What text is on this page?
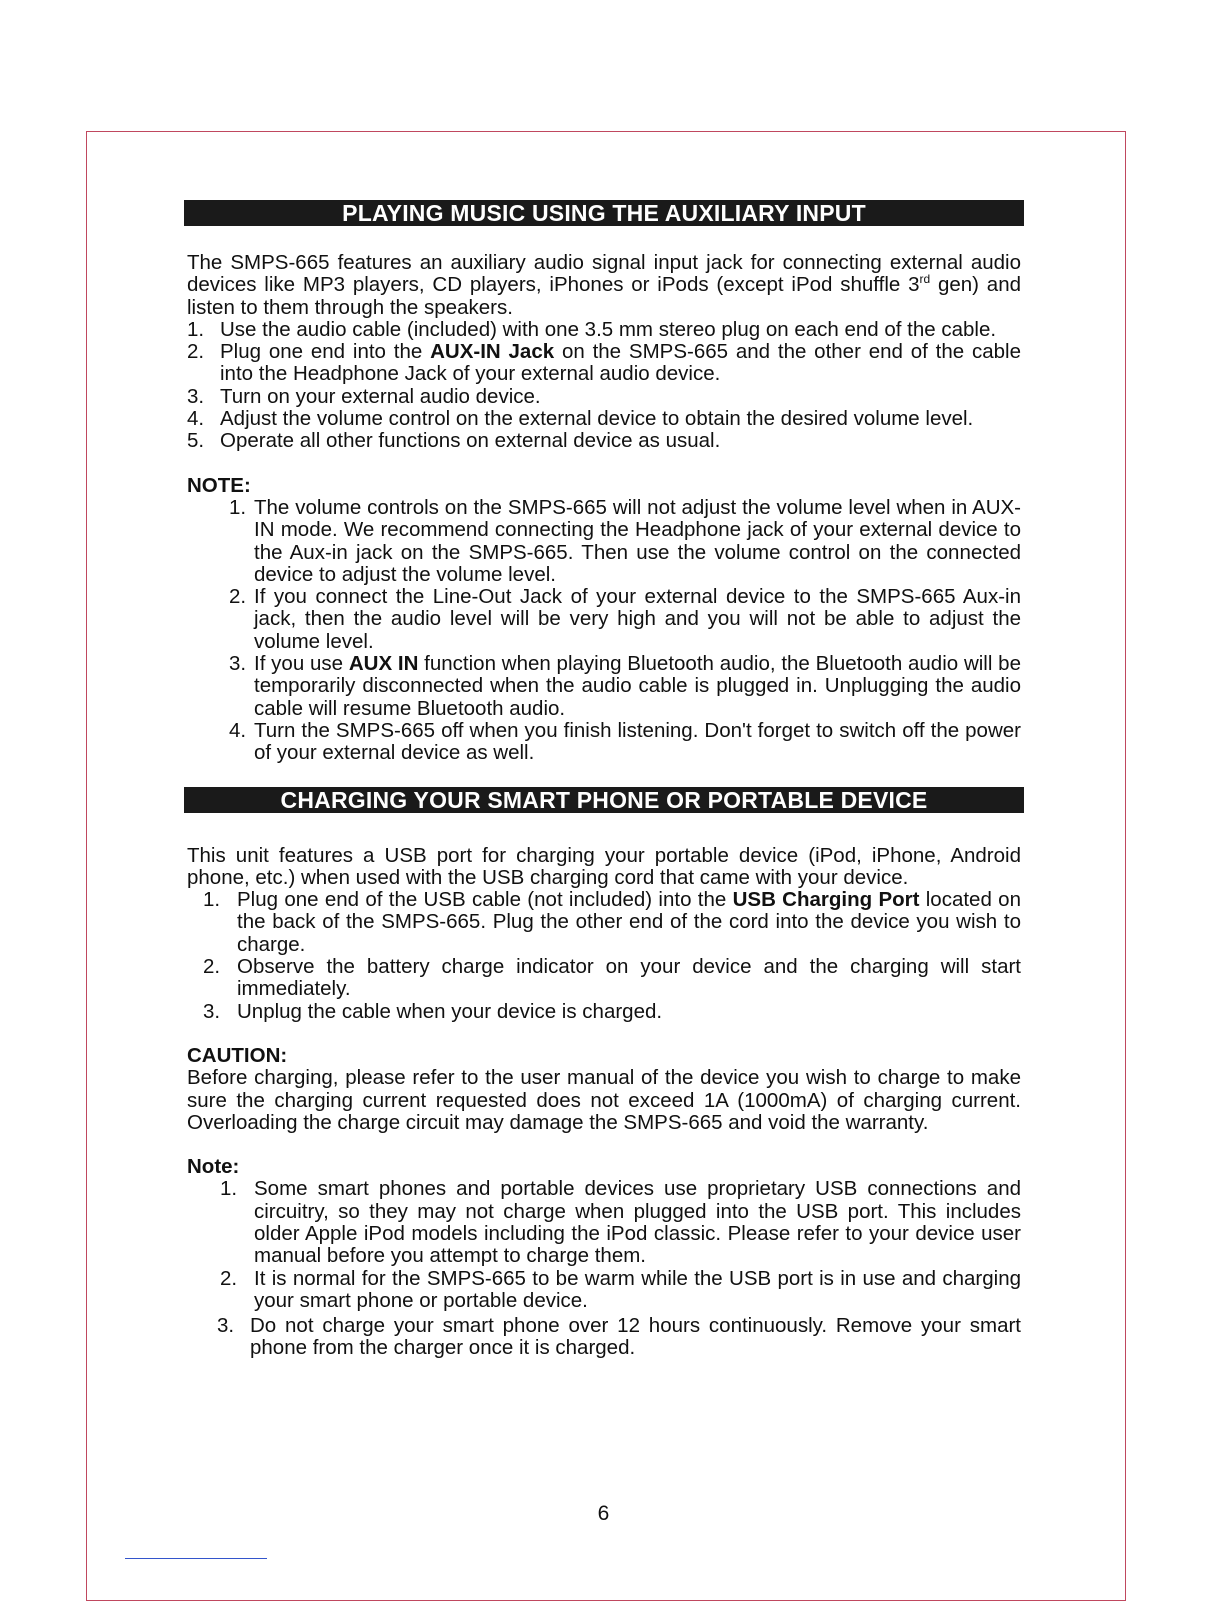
PLAYING MUSIC USING THE AUXILIARY INPUT

The SMPS-665 features an auxiliary audio signal input jack for connecting external audio devices like MP3 players, CD players, iPhones or iPods (except iPod shuffle 3rd gen) and listen to them through the speakers.

1. Use the audio cable (included) with one 3.5 mm stereo plug on each end of the cable.
2. Plug one end into the AUX-IN Jack on the SMPS-665 and the other end of the cable into the Headphone Jack of your external audio device.
3. Turn on your external audio device.
4. Adjust the volume control on the external device to obtain the desired volume level.
5. Operate all other functions on external device as usual.
NOTE:
1. The volume controls on the SMPS-665 will not adjust the volume level when in AUX-IN mode. We recommend connecting the Headphone jack of your external device to the Aux-in jack on the SMPS-665. Then use the volume control on the connected device to adjust the volume level.
2. If you connect the Line-Out Jack of your external device to the SMPS-665 Aux-in jack, then the audio level will be very high and you will not be able to adjust the volume level.
3. If you use AUX IN function when playing Bluetooth audio, the Bluetooth audio will be temporarily disconnected when the audio cable is plugged in. Unplugging the audio cable will resume Bluetooth audio.
4. Turn the SMPS-665 off when you finish listening. Don't forget to switch off the power of your external device as well.
CHARGING YOUR SMART PHONE OR PORTABLE DEVICE

This unit features a USB port for charging your portable device (iPod, iPhone, Android phone, etc.) when used with the USB charging cord that came with your device.

1. Plug one end of the USB cable (not included) into the USB Charging Port located on the back of the SMPS-665. Plug the other end of the cord into the device you wish to charge.
2. Observe the battery charge indicator on your device and the charging will start immediately.
3. Unplug the cable when your device is charged.
CAUTION:

Before charging, please refer to the user manual of the device you wish to charge to make sure the charging current requested does not exceed 1A (1000mA) of charging current. Overloading the charge circuit may damage the SMPS-665 and void the warranty.

Note:
1. Some smart phones and portable devices use proprietary USB connections and circuitry, so they may not charge when plugged into the USB port. This includes older Apple iPod models including the iPod classic. Please refer to your device user manual before you attempt to charge them.
2. It is normal for the SMPS-665 to be warm while the USB port is in use and charging your smart phone or portable device.
3. Do not charge your smart phone over 12 hours continuously. Remove your smart phone from the charger once it is charged.
6
